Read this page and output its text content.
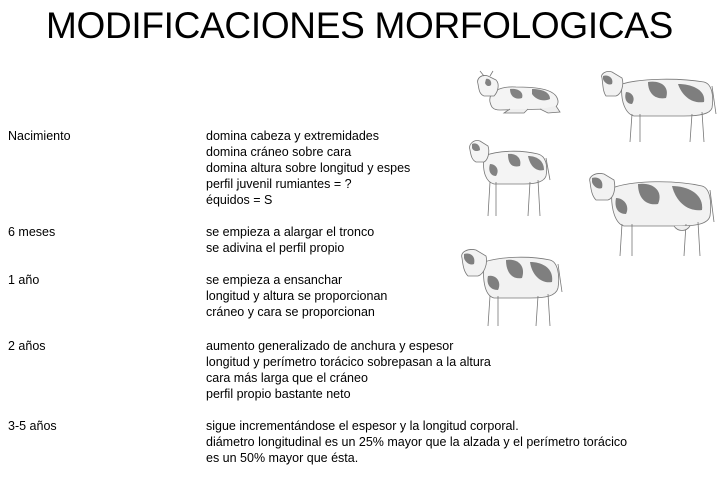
MODIFICACIONES MORFOLOGICAS
Nacimiento	domina cabeza y extremidades
domina cráneo sobre cara
domina altura sobre longitud y espes
perfil juvenil rumiantes = ?
équidos = S
6 meses	se empieza a alargar el tronco
se adivina el perfil propio
1 año	se empieza a ensanchar
longitud y altura se proporcionan
cráneo y cara se proporcionan
2 años	aumento generalizado de anchura y espesor
longitud y perímetro torácico sobrepasan a la altura
cara más larga que el cráneo
perfil propio bastante neto
3-5 años	sigue incrementándose el espesor y la longitud corporal.
diámetro longitudinal es un 25% mayor que la alzada y el perímetro torácico
es un 50% mayor que ésta.
